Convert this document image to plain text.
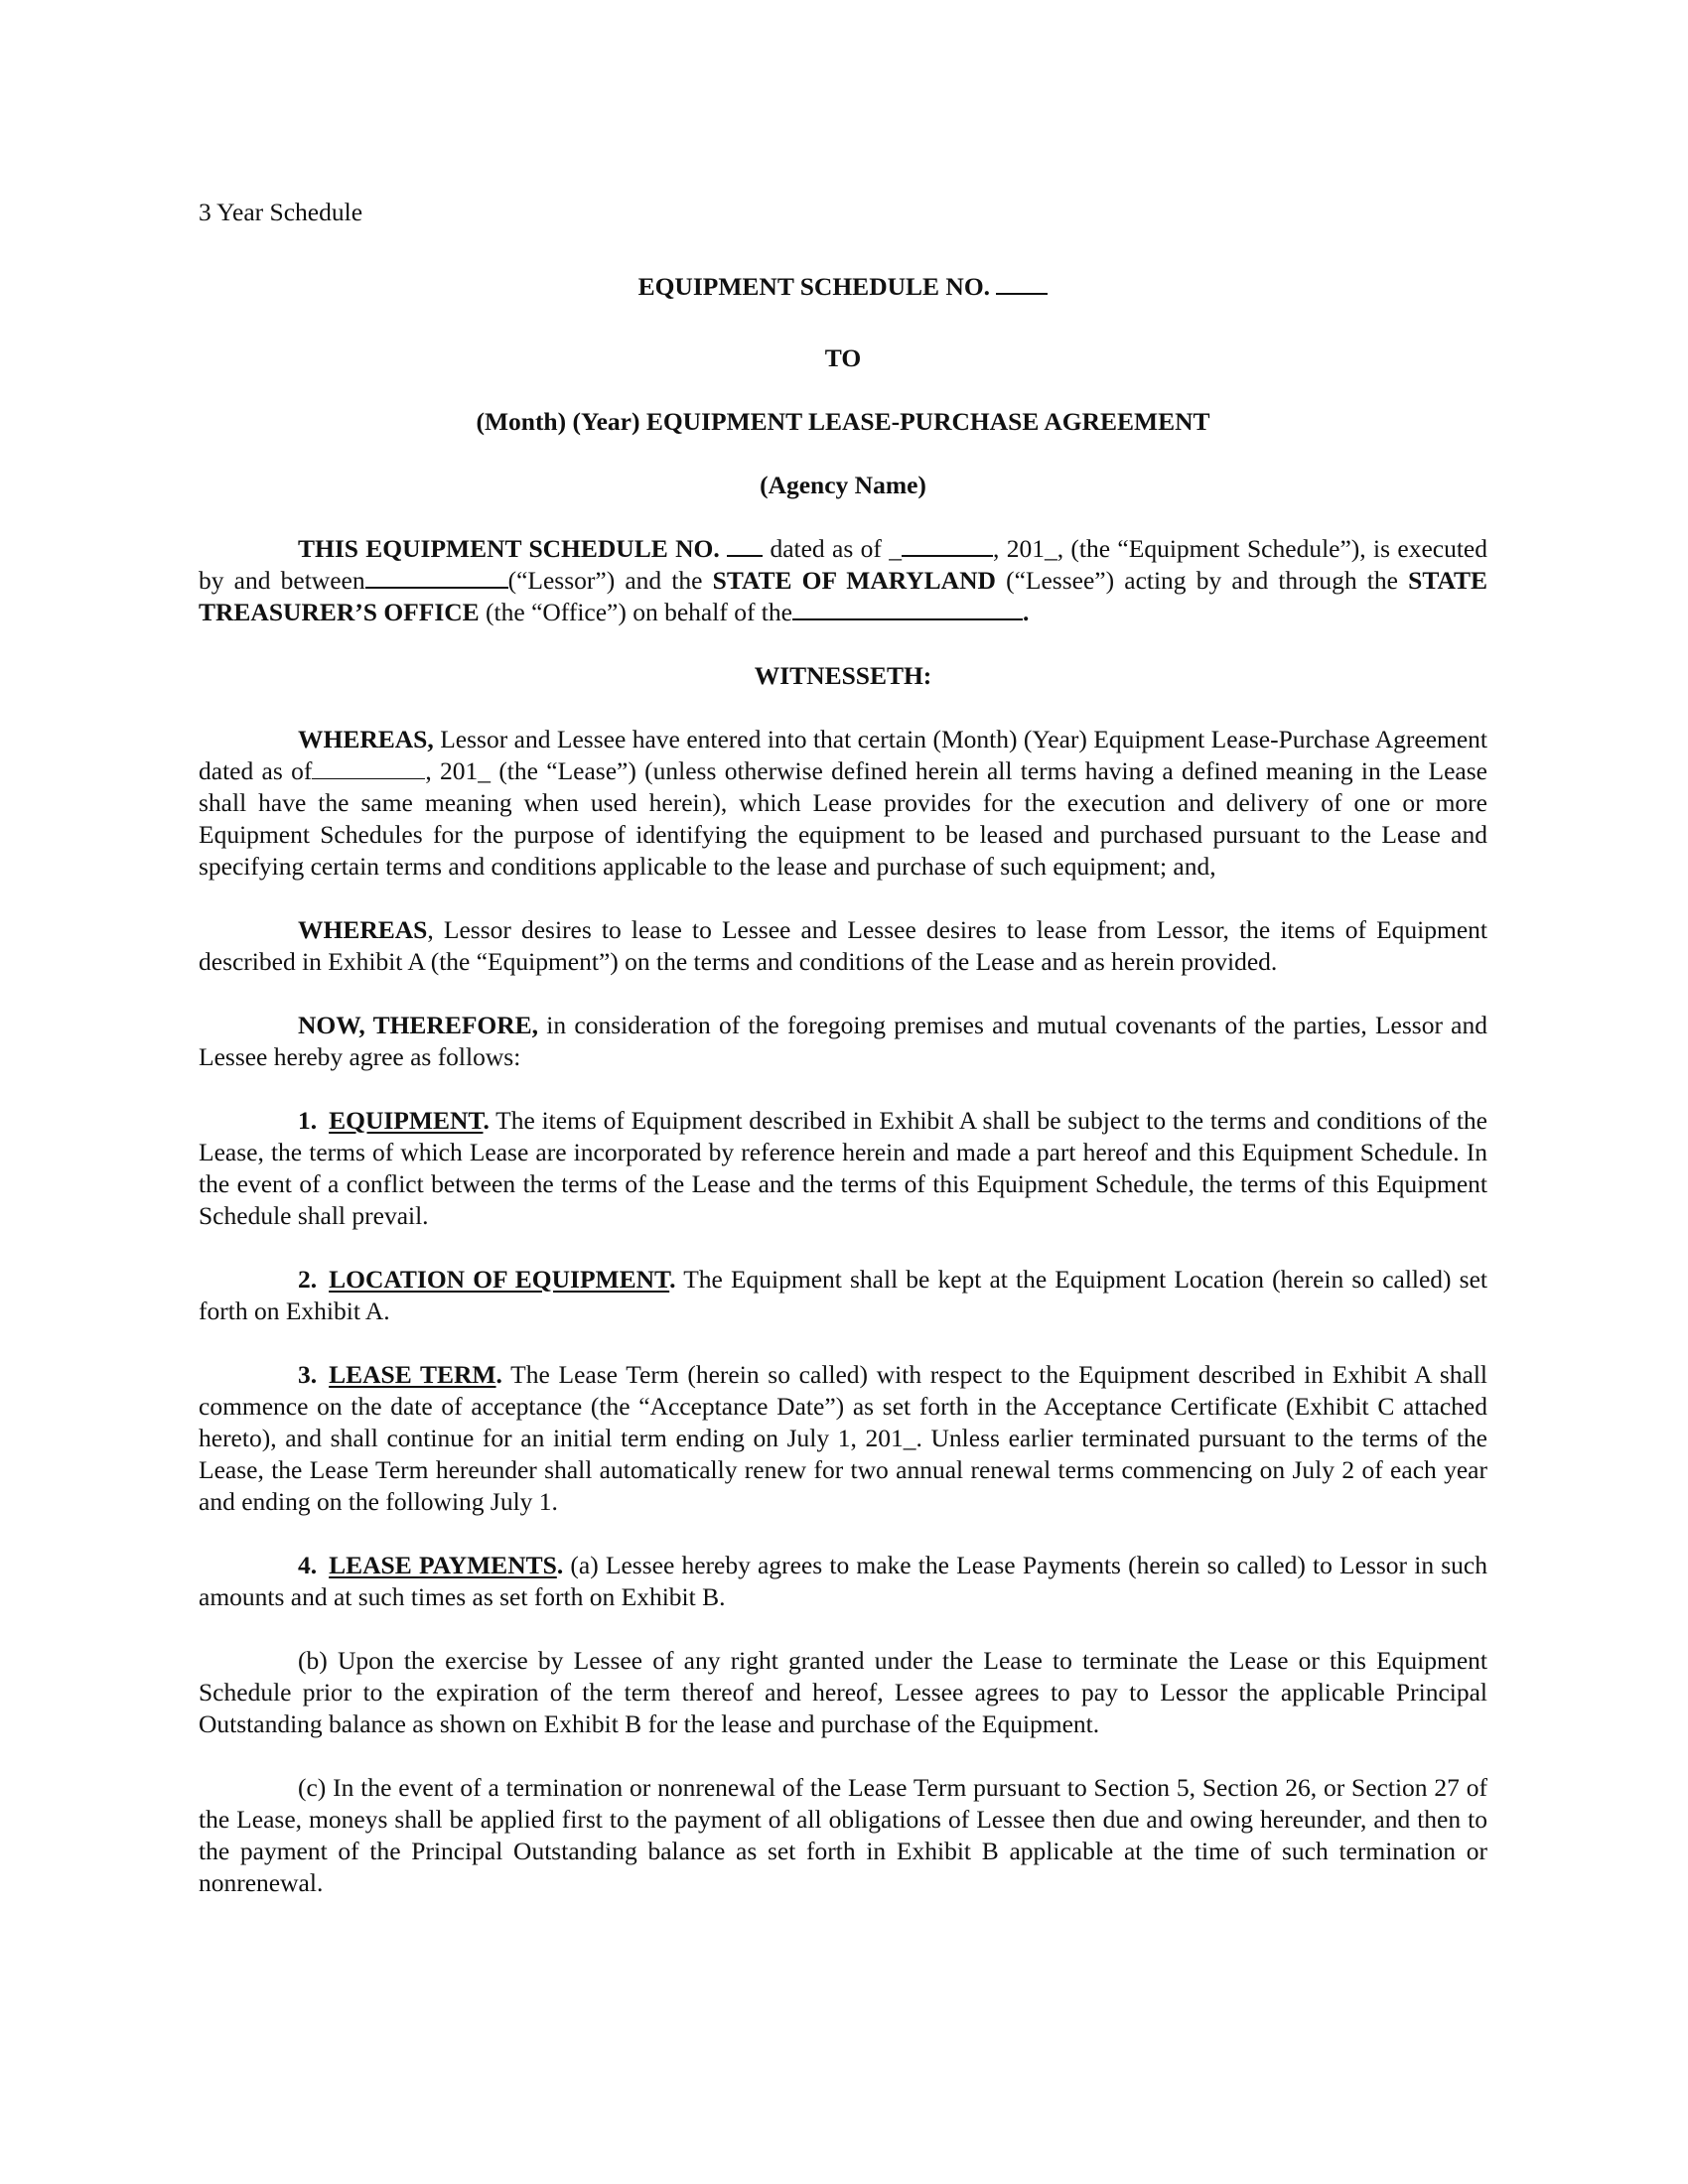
3 Year Schedule

EQUIPMENT SCHEDULE NO.

TO

(Month) (Year) EQUIPMENT LEASE-PURCHASE AGREEMENT

(Agency Name)

THIS EQUIPMENT SCHEDULE NO.  dated as of _	, 201_, (the “Equipment Schedule”), is executed by and between	(“Lessor”) and the STATE OF MARYLAND (“Lessee”) acting by and through the STATE TREASURER’S OFFICE (the “Office”) on behalf of the	.

WITNESSETH:

WHEREAS, Lessor and Lessee have entered into that certain (Month) (Year) Equipment Lease-Purchase Agreement dated as of	, 201_ (the “Lease”) (unless otherwise defined herein all terms having a defined meaning in the Lease shall have the same meaning when used herein), which Lease provides for the execution and delivery of one or more Equipment Schedules for the purpose of identifying the equipment to be leased and purchased pursuant to the Lease and specifying certain terms and conditions applicable to the lease and purchase of such equipment; and,

WHEREAS, Lessor desires to lease to Lessee and Lessee desires to lease from Lessor, the items of Equipment described in Exhibit A (the “Equipment”) on the terms and conditions of the Lease and as herein provided.

NOW, THEREFORE, in consideration of the foregoing premises and mutual covenants of the parties, Lessor and Lessee hereby agree as follows:

1. EQUIPMENT. The items of Equipment described in Exhibit A shall be subject to the terms and conditions of the Lease, the terms of which Lease are incorporated by reference herein and made a part hereof and this Equipment Schedule. In the event of a conflict between the terms of the Lease and the terms of this Equipment Schedule, the terms of this Equipment Schedule shall prevail.

2. LOCATION OF EQUIPMENT. The Equipment shall be kept at the Equipment Location (herein so called) set forth on Exhibit A.

3. LEASE TERM. The Lease Term (herein so called) with respect to the Equipment described in Exhibit A shall commence on the date of acceptance (the “Acceptance Date”) as set forth in the Acceptance Certificate (Exhibit C attached hereto), and shall continue for an initial term ending on July 1, 201_. Unless earlier terminated pursuant to the terms of the Lease, the Lease Term hereunder shall automatically renew for two annual renewal terms commencing on July 2 of each year and ending on the following July 1.

4. LEASE PAYMENTS. (a) Lessee hereby agrees to make the Lease Payments (herein so called) to Lessor in such amounts and at such times as set forth on Exhibit B.

(b) Upon the exercise by Lessee of any right granted under the Lease to terminate the Lease or this Equipment Schedule prior to the expiration of the term thereof and hereof, Lessee agrees to pay to Lessor the applicable Principal Outstanding balance as shown on Exhibit B for the lease and purchase of the Equipment.

(c) In the event of a termination or nonrenewal of the Lease Term pursuant to Section 5, Section 26, or Section 27 of the Lease, moneys shall be applied first to the payment of all obligations of Lessee then due and owing hereunder, and then to the payment of the Principal Outstanding balance as set forth in Exhibit B applicable at the time of such termination or nonrenewal.
